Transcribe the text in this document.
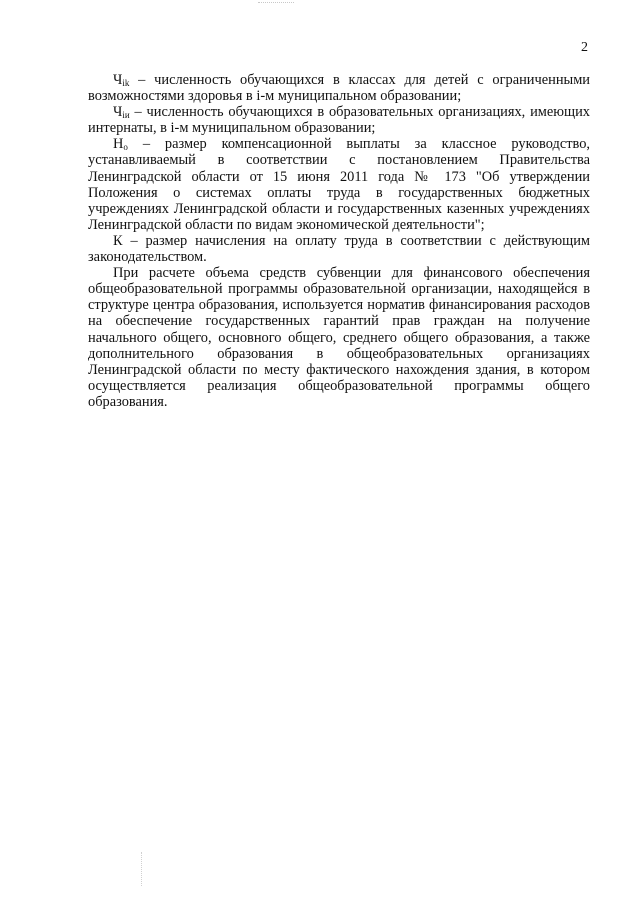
2

$Ч_{ik}$ – численность обучающихся в классах для детей с ограниченными возможностями здоровья в i-м муниципальном образовании;

$Ч_{iи}$ – численность обучающихся в образовательных организациях, имеющих интернаты, в i-м муниципальном образовании;

$Н_о$ – размер компенсационной выплаты за классное руководство, устанавливаемый в соответствии с постановлением Правительства Ленинградской области от 15 июня 2011 года № 173 "Об утверждении Положения о системах оплаты труда в государственных бюджетных учреждениях Ленинградской области и государственных казенных учреждениях Ленинградской области по видам экономической деятельности";

К – размер начисления на оплату труда в соответствии с действующим законодательством.

При расчете объема средств субвенции для финансового обеспечения общеобразовательной программы образовательной организации, находящейся в структуре центра образования, используется норматив финансирования расходов на обеспечение государственных гарантий прав граждан на получение начального общего, основного общего, среднего общего образования, а также дополнительного образования в общеобразовательных организациях Ленинградской области по месту фактического нахождения здания, в котором осуществляется реализация общеобразовательной программы общего образования.
